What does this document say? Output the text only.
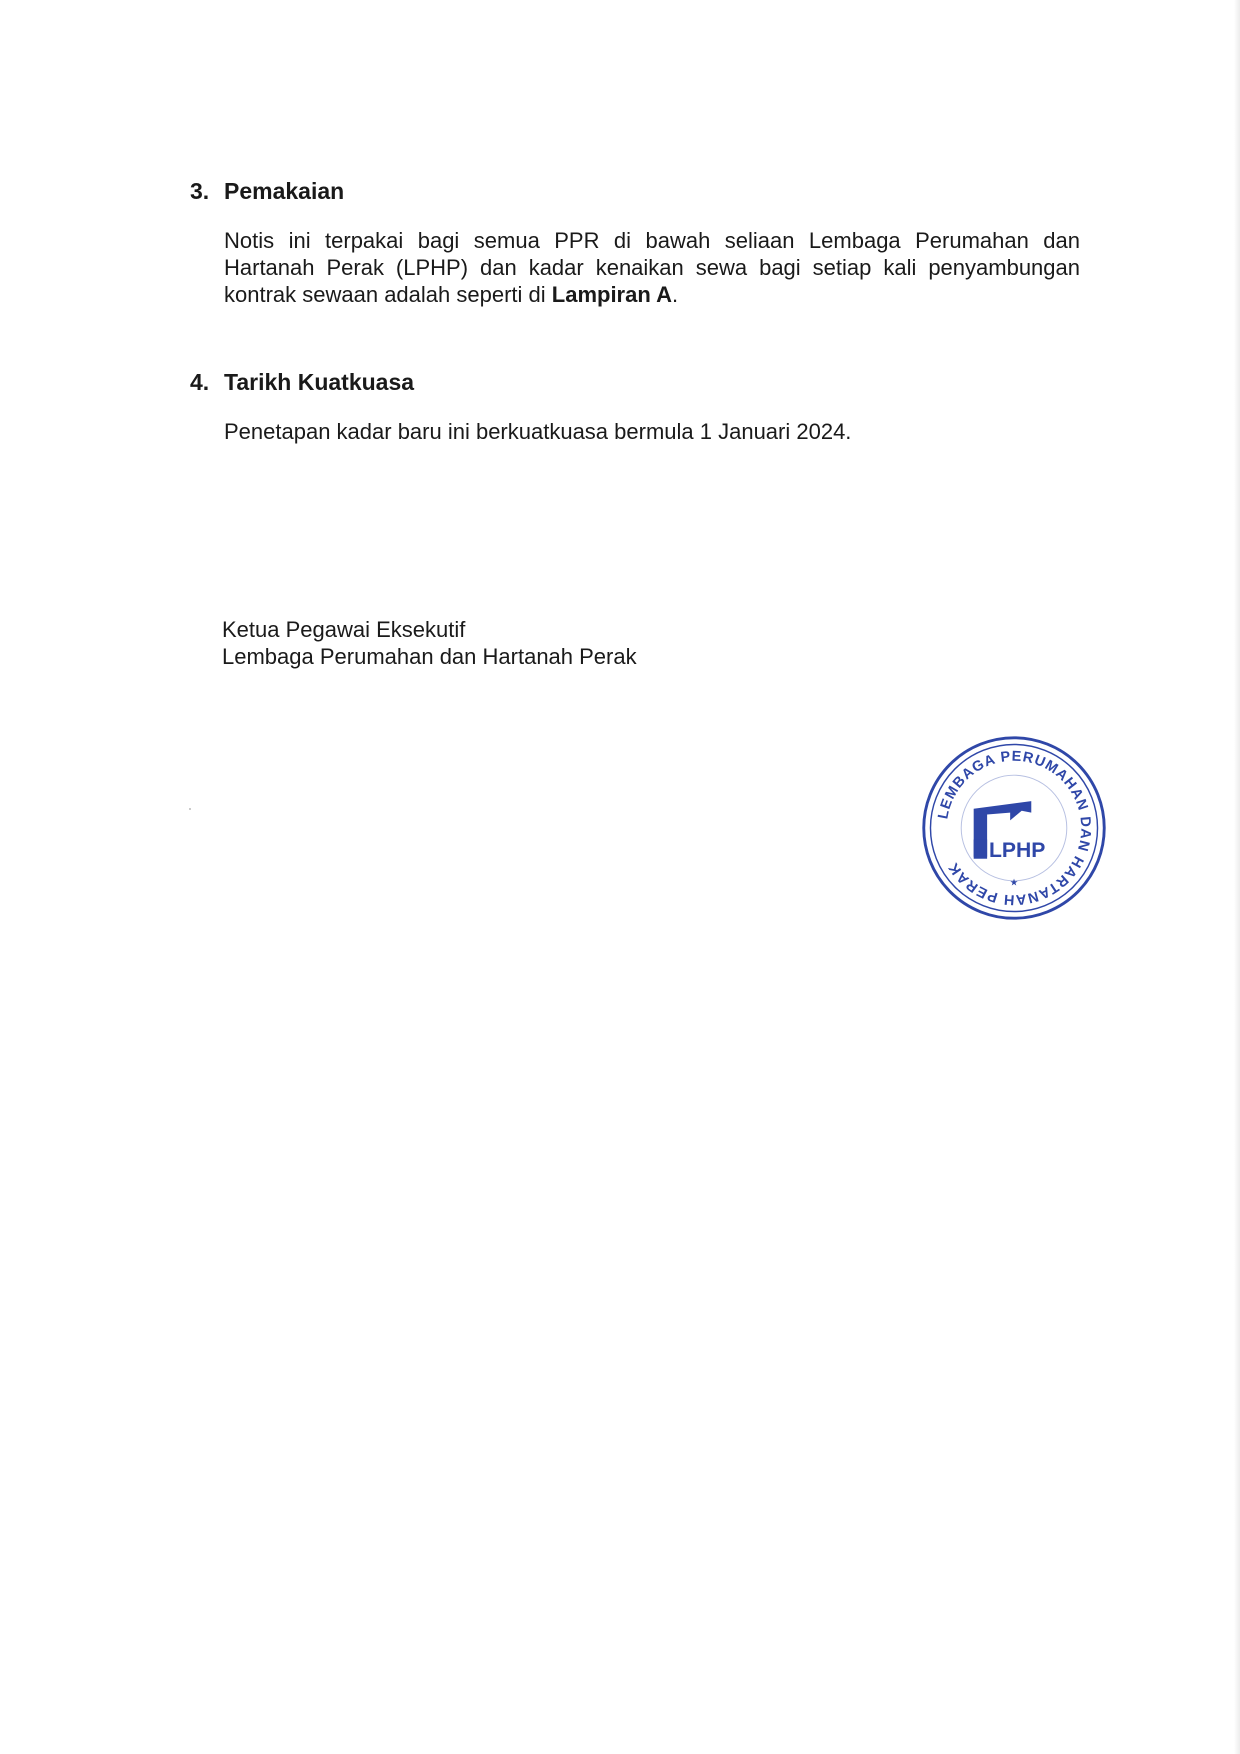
3. Pemakaian
Notis ini terpakai bagi semua PPR di bawah seliaan Lembaga Perumahan dan Hartanah Perak (LPHP) dan kadar kenaikan sewa bagi setiap kali penyambungan kontrak sewaan adalah seperti di Lampiran A.
4. Tarikh Kuatkuasa
Penetapan kadar baru ini berkuatkuasa bermula 1 Januari 2024.
Ketua Pegawai Eksekutif
Lembaga Perumahan dan Hartanah Perak
LEMBAGA PERUMAHAN DAN HARTANAH PERAK
LPHP
★
